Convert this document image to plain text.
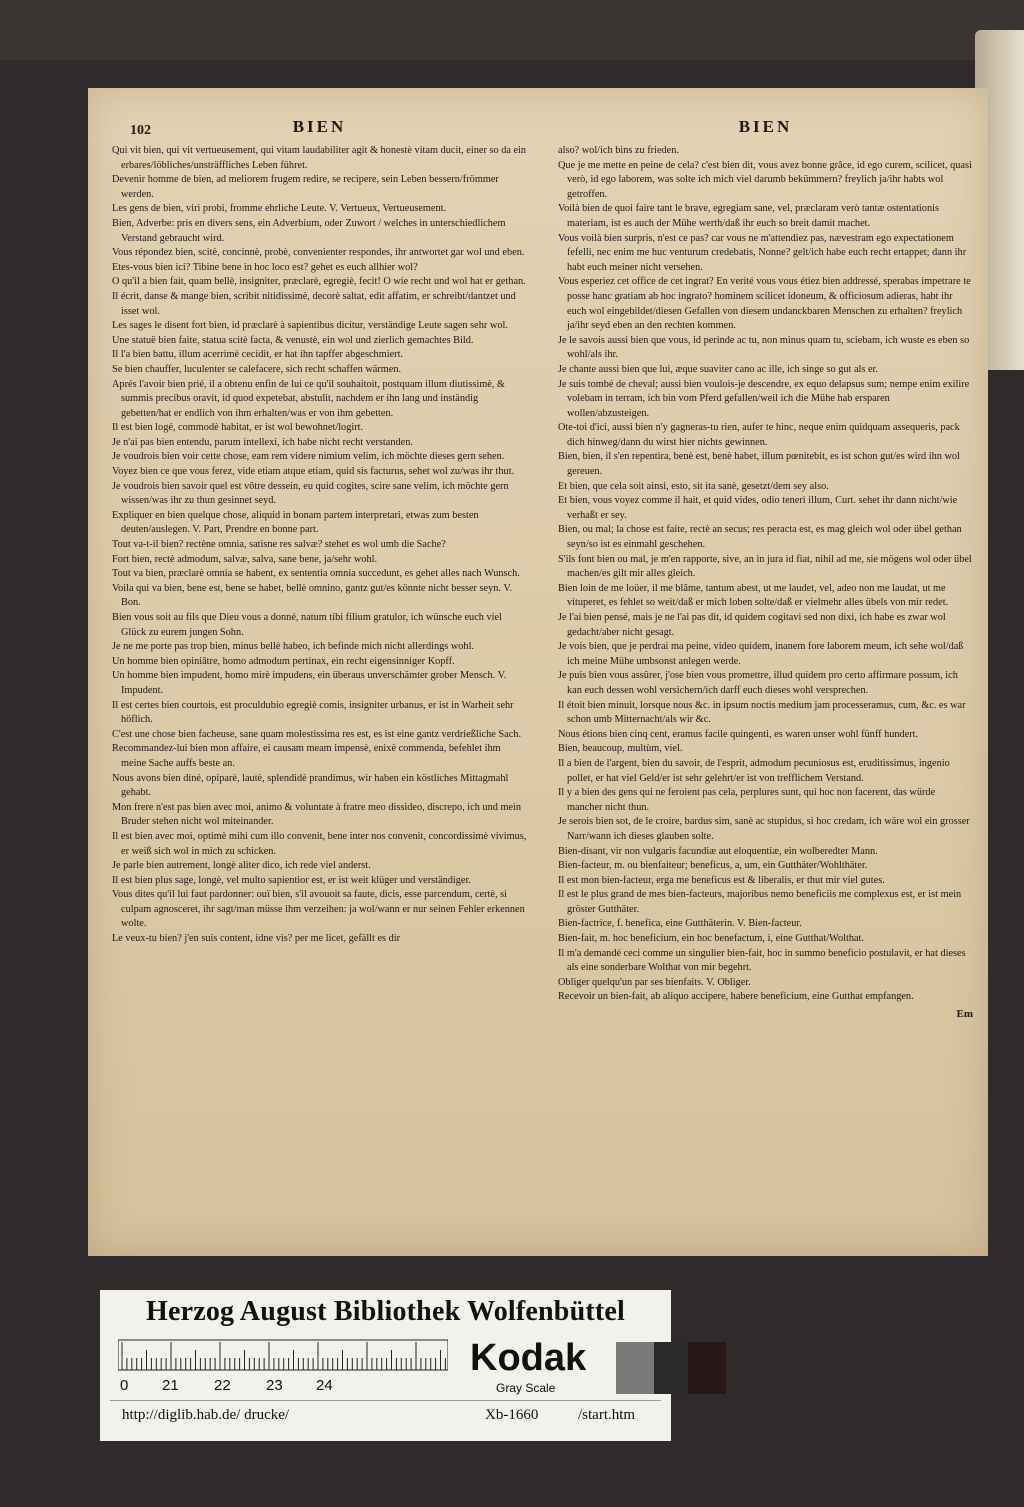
102	BIEN

Qui vit bien, qui vit vertueusement, qui vitam laudabiliter agit & honestè vitam ducit, einer so da ein erbares/löbliches/unsträffliches Leben führet.

Devenir homme de bien, ad meliorem frugem redire, se recipere, sein Leben bessern/frömmer werden.

Les gens de bien, viri probi, fromme ehrliche Leute. V. Vertueux, Vertueusement.

Bien, Adverbe: pris en divers sens, ein Adverbium, oder Zuwort / welches in unterschiedlichem Verstand gebraucht wird.

Vous répondez bien, scitè, concinnè, probè, convenienter respondes, ihr antwortet gar wol und eben.

Etes-vous bien ici? Tibine bene in hoc loco est? gehet es euch allhier wol?

O qu'il a bien fait, quam bellè, insigniter, præclarè, egregiè, fecit! O wie recht und wol hat er gethan.

Il écrit, danse & mange bien, scribit nitidissimè, decorè saltat, edit affatim, er schreibt/dantzet und isset wol.

Les sages le disent fort bien, id præclarè à sapientibus dicitur, verständige Leute sagen sehr wol.

Une statuë bien faite, statua scitè facta, & venustè, ein wol und zierlich gemachtes Bild.

Il l'a bien battu, illum acerrimè cecidit, er hat ihn tapffer abgeschmiert.

Se bien chauffer, luculenter se calefacere, sich recht schaffen wärmen.

Aprés l'avoir bien prié, il a obtenu enfin de lui ce qu'il souhaitoit, postquam illum diutissimè, & summis precibus oravit, id quod expetebat, abstulit, nachdem er ihn lang und inständig gebetten/hat er endlich von ihm erhalten/was er von ihm gebetten.

Il est bien logé, commodè habitat, er ist wol bewohnet/logirt.

Je n'ai pas bien entendu, parum intellexi, ich habe nicht recht verstanden.

Je voudrois bien voir cette chose, eam rem videre nimium velim, ich möchte dieses gern sehen.

Voyez bien ce que vous ferez, vide etiam atque etiam, quid sis facturus, sehet wol zu/was ihr thut.

Je voudrois bien savoir quel est vôtre dessein, eu quid cogites, scire sane velim, ich möchte gern wissen/was ihr zu thun gesinnet seyd.

Expliquer en bien quelque chose, aliquid in bonam partem interpretari, etwas zum besten deuten/auslegen. V. Part, Prendre en bonne part.

Tout va-t-il bien? rectène omnia, satisne res salvæ? stehet es wol umb die Sache?

Fort bien, rectè admodum, salvæ, salva, sane bene, ja/sehr wohl.

Tout va bien, præclarè omnia se habent, ex sententia omnia succedunt, es gehet alles nach Wunsch.

Voila qui va bien, bene est, bene se habet, bellè omnino, gantz gut/es könnte nicht besser seyn. V. Bon.

Bien vous soit au fils que Dieu vous a donné, natum tibi filium gratulor, ich wünsche euch viel Glück zu eurem jungen Sohn.

Je ne me porte pas trop bien, minus bellè habeo, ich befinde mich nicht allerdings wohl.

Un homme bien opiniâtre, homo admodum pertinax, ein recht eigensinniger Kopff.

Un homme bien impudent, homo mirè impudens, ein überaus unverschämter grober Mensch. V. Impudent.

Il est certes bien courtois, est proculdubio egregiè comis, insigniter urbanus, er ist in Warheit sehr höflich.

C'est une chose bien facheuse, sane quam molestissima res est, es ist eine gantz verdrießliche Sach.

Recommandez-lui bien mon affaire, ei causam meam impensè, enixè commenda, befehlet ihm meine Sache auffs beste an.

Nous avons bien diné, opiparè, lautè, splendidè prandimus, wir haben ein köstliches Mittagmahl gehabt.

Mon frere n'est pas bien avec moi, animo & voluntate à fratre meo dissideo, discrepo, ich und mein Bruder stehen nicht wol miteinander.

Il est bien avec moi, optimè mihi cum illo convenit, bene inter nos convenit, concordissimè vivimus, er weiß sich wol in mich zu schicken.

Je parle bien autrement, longè aliter dico, ich rede viel anderst.

Il est bien plus sage, longè, vel multo sapientior est, er ist weit klüger und verständiger.

Vous dites qu'il lui faut pardonner: ouï bien, s'il avouoit sa faute, dicis, esse parcendum, certè, si culpam agnosceret, ihr sagt/man müsse ihm verzeihen: ja wol/wann er nur seinen Fehler erkennen wolte.

Le veux-tu bien? j'en suis content, idne vis? per me licet, gefällt es dir

BIEN

also? wol/ich bins zu frieden.

Que je me mette en peine de cela? c'est bien dit, vous avez bonne grâce, id ego curem, scilicet, quasi verò, id ego laborem, was solte ich mich viel darumb bekümmern? freylich ja/ihr habts wol getroffen.

Voilà bien de quoi faire tant le brave, egregiam sane, vel, præclaram verò tantæ ostentationis materiam, ist es auch der Mühe werth/daß ihr euch so breit damit machet.

Vous voilà bien surpris, n'est ce pas? car vous ne m'attendiez pas, nævestram ego expectationem fefelli, nec enim me huc venturum credebatis, Nonne? gelt/ich habe euch recht ertappet; dann ihr habt euch meiner nicht versehen.

Vous esperiez cet office de cet ingrat? En verité vous vous étiez bien addressé, sperabas impetrare te posse hanc gratiam ab hoc ingrato? hominem scilicet idoneum, & officiosum adieras, habt ihr euch wol eingebildet/diesen Gefallen von diesem undanckbaren Menschen zu erhalten? freylich ja/ihr seyd eben an den rechten kommen.

Je le savois aussi bien que vous, id perinde ac tu, non minus quam tu, sciebam, ich wuste es eben so wohl/als ihr.

Je chante aussi bien que lui, æque suaviter cano ac ille, ich singe so gut als er.

Je suis tombé de cheval; aussi bien voulois-je descendre, ex equo delapsus sum; nempe enim exilire volebam in terram, ich bin vom Pferd gefallen/weil ich die Mühe hab ersparen wollen/abzusteigen.

Ote-toi d'ici, aussi bien n'y gagneras-tu rien, aufer te hinc, neque enim quidquam assequeris, pack dich hinweg/dann du wirst hier nichts gewinnen.

Bien, bien, il s'en repentira, benè est, benè habet, illum pœnitebit, es ist schon gut/es wird ihn wol gereuen.

Et bien, que cela soit ainsi, esto, sit ita sanè, gesetzt/dem sey also.

Et bien, vous voyez comme il hait, et quid vides, odio teneri illum, Curt. sehet ihr dann nicht/wie verhaßt er sey.

Bien, ou mal; la chose est faite, rectè an secus; res peracta est, es mag gleich wol oder übel gethan seyn/so ist es einmahl geschehen.

S'ils font bien ou mal, je m'en rapporte, sive, an in jura id fiat, nihil ad me, sie mögens wol oder übel machen/es gilt mir alles gleich.

Bien loin de me loüer, il me blâme, tantum abest, ut me laudet, vel, adeo non me laudat, ut me vituperet, es fehlet so weit/daß er mich loben solte/daß er vielmehr alles übels von mir redet.

Je l'ai bien pensé, mais je ne l'ai pas dit, id quidem cogitavi sed non dixi, ich habe es zwar wol gedacht/aber nicht gesagt.

Je vois bien, que je perdrai ma peine, video quidem, inanem fore laborem meum, ich sehe wol/daß ich meine Mühe umbsonst anlegen werde.

Je puis bien vous assûrer, j'ose bien vous promettre, illud quidem pro certo affirmare possum, ich kan euch dessen wohl versichern/ich darff euch dieses wohl versprechen.

Il étoit bien minuit, lorsque nous &c. in ipsum noctis medium jam processeramus, cum, &c. es war schon umb Mitternacht/als wir &c.

Nous étions bien cinq cent, eramus facile quingenti, es waren unser wohl fünff hundert.

Bien, beaucoup, multùm, viel.

Il a bien de l'argent, bien du savoir, de l'esprit, admodum pecuniosus est, eruditissimus, ingenio pollet, er hat viel Geld/er ist sehr gelehrt/er ist von trefflichem Verstand.

Il y a bien des gens qui ne feroient pas cela, perplures sunt, qui hoc non facerent, das würde mancher nicht thun.

Je serois bien sot, de le croire, bardus sim, sanè ac stupidus, si hoc credam, ich wäre wol ein grosser Narr/wann ich dieses glauben solte.

Bien-disant, vir non vulgaris facundiæ aut eloquentiæ, ein wolberedter Mann.

Bien-facteur, m. ou bienfaiteur; beneficus, a, um, ein Gutthäter/Wohlthäter.

Il est mon bien-facteur, erga me beneficus est & liberalis, er thut mir viel gutes.

Il est le plus grand de mes bien-facteurs, majoribus nemo beneficiis me complexus est, er ist mein gröster Gutthäter.

Bien-factrice, f. benefica, eine Gutthäterin. V. Bien-facteur.

Bien-fait, m. hoc beneficium, ein hoc benefactum, i, eine Gutthat/Wolthat.

Il m'a demandé ceci comme un singulier bien-fait, hoc in summo beneficio postulavit, er hat dieses als eine sonderbare Wolthat von mir begehrt.

Obliger quelqu'un par ses bienfaits. V. Obliger.

Recevoir un bien-fait, ab aliquo accipere, habere beneficium, eine Gutthat empfangen.

Em
Herzog August Bibliothek Wolfenbüttel
0 21 22 23 24
Kodak
Gray Scale
http://diglib.hab.de/ drucke/	Xb-1660	/start.htm
